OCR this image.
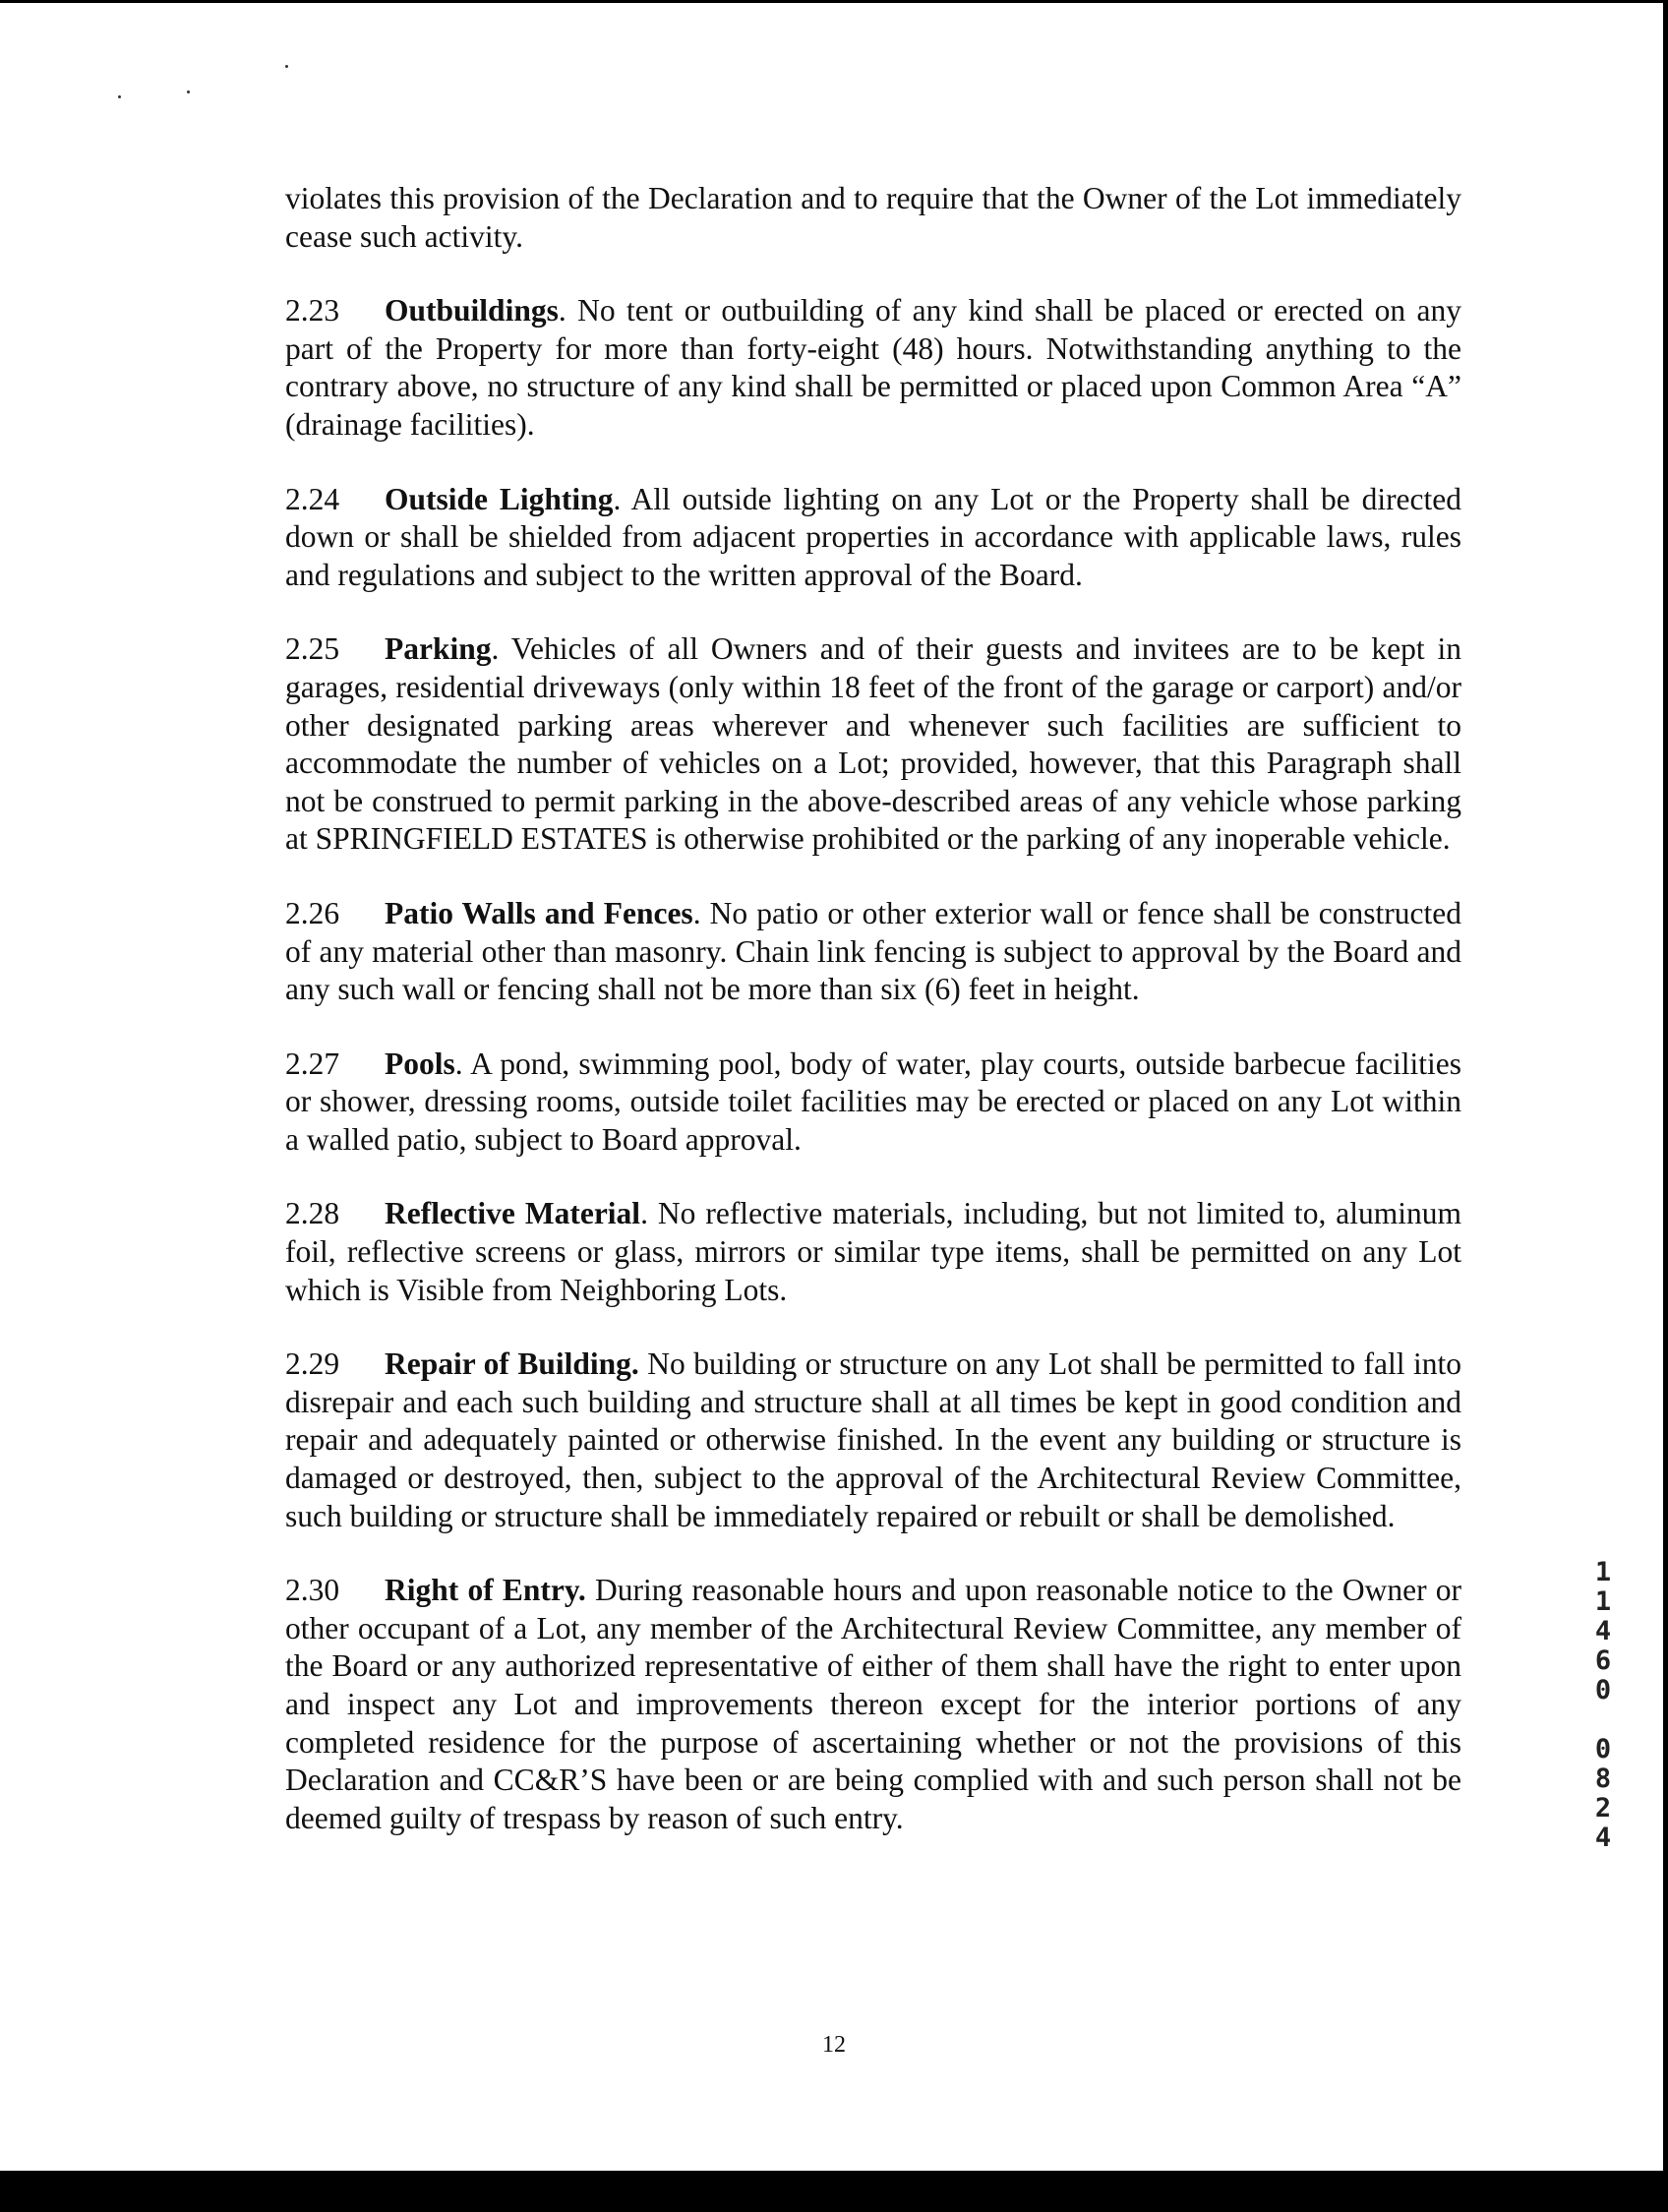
violates this provision of the Declaration and to require that the Owner of the Lot immediately cease such activity.

2.23 Outbuildings. No tent or outbuilding of any kind shall be placed or erected on any part of the Property for more than forty-eight (48) hours. Notwithstanding anything to the contrary above, no structure of any kind shall be permitted or placed upon Common Area “A” (drainage facilities).

2.24 Outside Lighting. All outside lighting on any Lot or the Property shall be directed down or shall be shielded from adjacent properties in accordance with applicable laws, rules and regulations and subject to the written approval of the Board.

2.25 Parking. Vehicles of all Owners and of their guests and invitees are to be kept in garages, residential driveways (only within 18 feet of the front of the garage or carport) and/or other designated parking areas wherever and whenever such facilities are sufficient to accommodate the number of vehicles on a Lot; provided, however, that this Paragraph shall not be construed to permit parking in the above-described areas of any vehicle whose parking at SPRINGFIELD ESTATES is otherwise prohibited or the parking of any inoperable vehicle.

2.26 Patio Walls and Fences. No patio or other exterior wall or fence shall be constructed of any material other than masonry. Chain link fencing is subject to approval by the Board and any such wall or fencing shall not be more than six (6) feet in height.

2.27 Pools. A pond, swimming pool, body of water, play courts, outside barbecue facilities or shower, dressing rooms, outside toilet facilities may be erected or placed on any Lot within a walled patio, subject to Board approval.

2.28 Reflective Material. No reflective materials, including, but not limited to, aluminum foil, reflective screens or glass, mirrors or similar type items, shall be permitted on any Lot which is Visible from Neighboring Lots.

2.29 Repair of Building. No building or structure on any Lot shall be permitted to fall into disrepair and each such building and structure shall at all times be kept in good condition and repair and adequately painted or otherwise finished. In the event any building or structure is damaged or destroyed, then, subject to the approval of the Architectural Review Committee, such building or structure shall be immediately repaired or rebuilt or shall be demolished.

2.30 Right of Entry. During reasonable hours and upon reasonable notice to the Owner or other occupant of a Lot, any member of the Architectural Review Committee, any member of the Board or any authorized representative of either of them shall have the right to enter upon and inspect any Lot and improvements thereon except for the interior portions of any completed residence for the purpose of ascertaining whether or not the provisions of this Declaration and CC&R’S have been or are being complied with and such person shall not be deemed guilty of trespass by reason of such entry.

12
1
1
4
6
0
0
8
2
4
